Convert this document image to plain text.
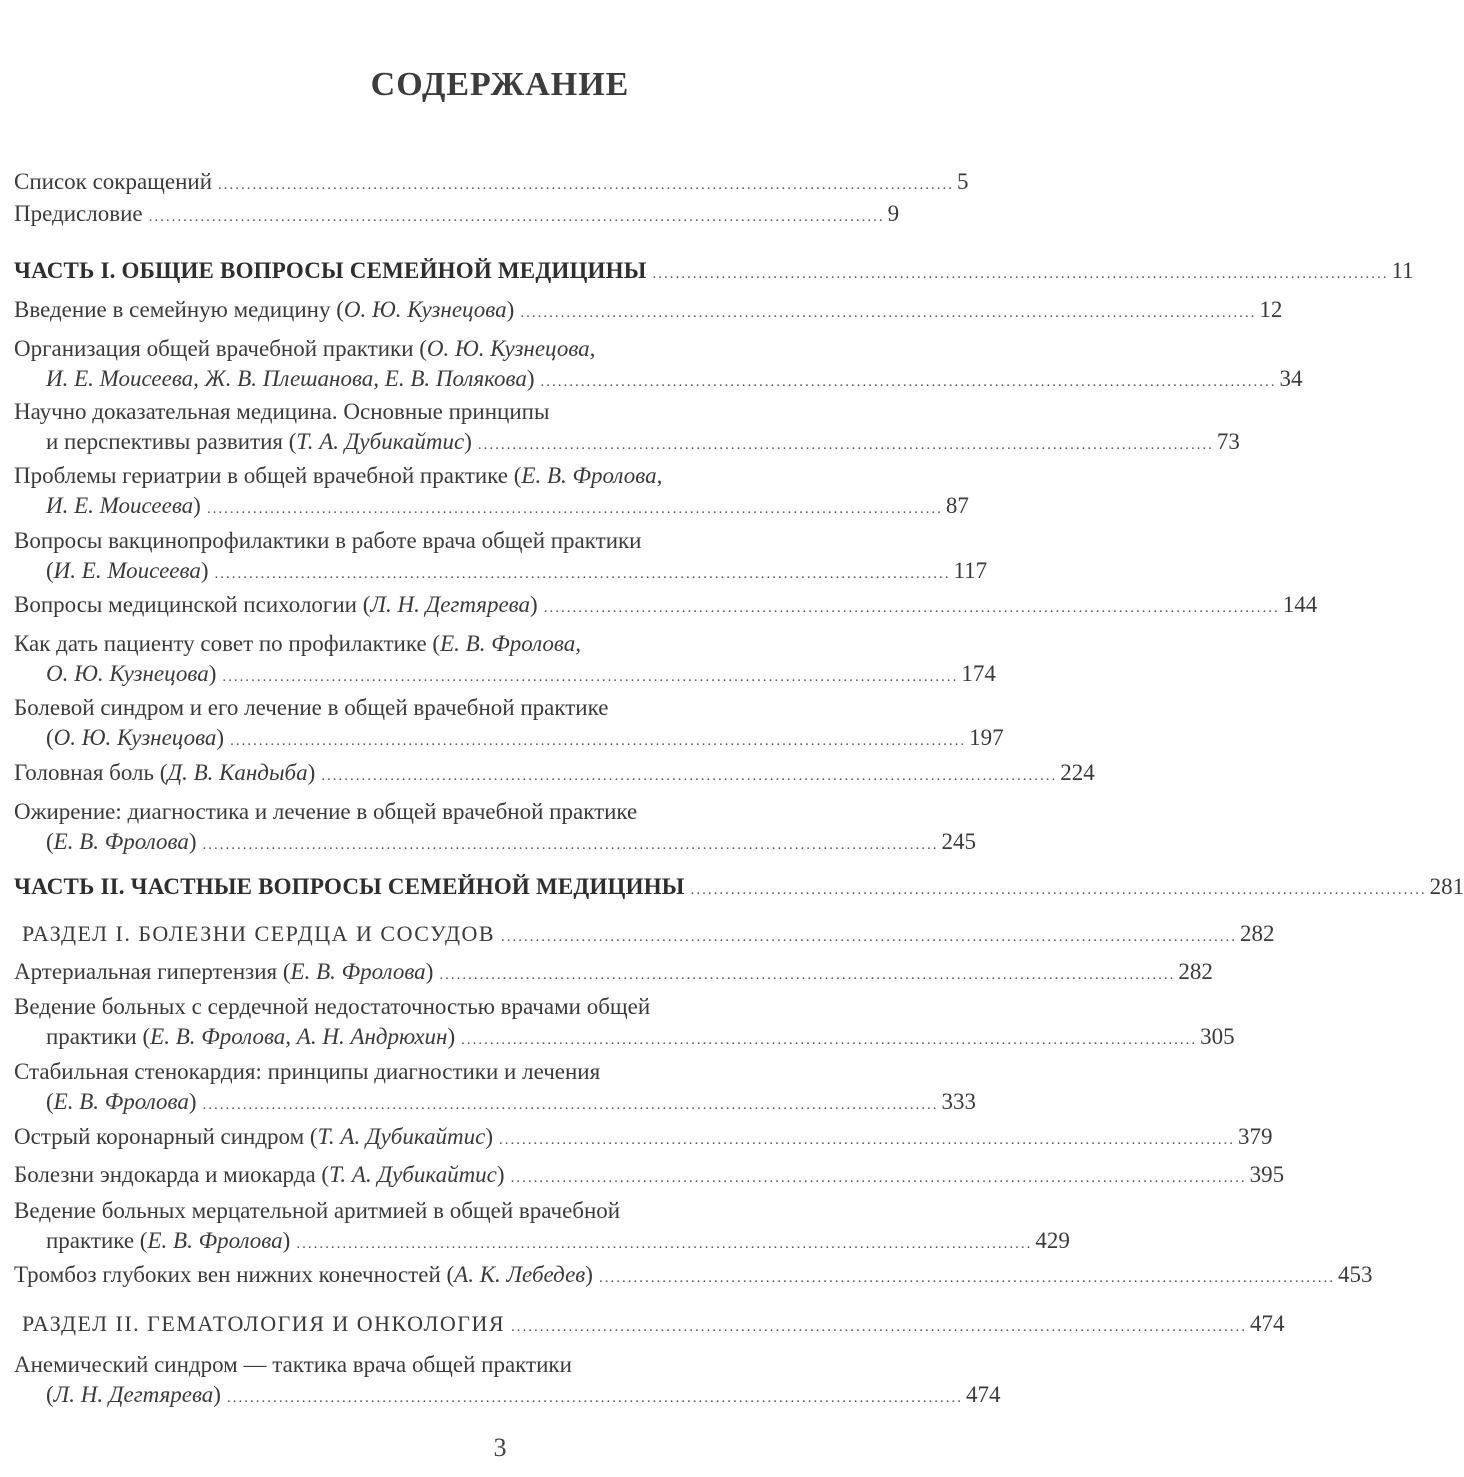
СОДЕРЖАНИЕ
Список сокращений ................................................................................................................................ 5
Предисловие ................................................................................................................................ 9
ЧАСТЬ I. ОБЩИЕ ВОПРОСЫ СЕМЕЙНОЙ МЕДИЦИНЫ ................................................................................................................................ 11
Введение в семейную медицину (О. Ю. Кузнецова) ................................................................................................................................ 12
Организация общей врачебной практики (О. Ю. Кузнецова,
И. Е. Моисеева, Ж. В. Плешанова, Е. В. Полякова) ................................................................................................................................ 34
Научно доказательная медицина. Основные принципы
и перспективы развития (Т. А. Дубикайтис) ................................................................................................................................ 73
Проблемы гериатрии в общей врачебной практике (Е. В. Фролова,
И. Е. Моисеева) ................................................................................................................................ 87
Вопросы вакцинопрофилактики в работе врача общей практики
(И. Е. Моисеева) ................................................................................................................................ 117
Вопросы медицинской психологии (Л. Н. Дегтярева) ................................................................................................................................ 144
Как дать пациенту совет по профилактике (Е. В. Фролова,
О. Ю. Кузнецова) ................................................................................................................................ 174
Болевой синдром и его лечение в общей врачебной практике
(О. Ю. Кузнецова) ................................................................................................................................ 197
Головная боль (Д. В. Кандыба) ................................................................................................................................ 224
Ожирение: диагностика и лечение в общей врачебной практике
(Е. В. Фролова) ................................................................................................................................ 245
ЧАСТЬ II. ЧАСТНЫЕ ВОПРОСЫ СЕМЕЙНОЙ МЕДИЦИНЫ ................................................................................................................................ 281
РАЗДЕЛ I. БОЛЕЗНИ СЕРДЦА И СОСУДОВ ................................................................................................................................ 282
Артериальная гипертензия (Е. В. Фролова) ................................................................................................................................ 282
Ведение больных с сердечной недостаточностью врачами общей
практики (Е. В. Фролова, А. Н. Андрюхин) ................................................................................................................................ 305
Стабильная стенокардия: принципы диагностики и лечения
(Е. В. Фролова) ................................................................................................................................ 333
Острый коронарный синдром (Т. А. Дубикайтис) ................................................................................................................................ 379
Болезни эндокарда и миокарда (Т. А. Дубикайтис) ................................................................................................................................ 395
Ведение больных мерцательной аритмией в общей врачебной
практике (Е. В. Фролова) ................................................................................................................................ 429
Тромбоз глубоких вен нижних конечностей (А. К. Лебедев) ................................................................................................................................ 453
РАЗДЕЛ II. ГЕМАТОЛОГИЯ И ОНКОЛОГИЯ ................................................................................................................................ 474
Анемический синдром — тактика врача общей практики
(Л. Н. Дегтярева) ................................................................................................................................ 474
3
